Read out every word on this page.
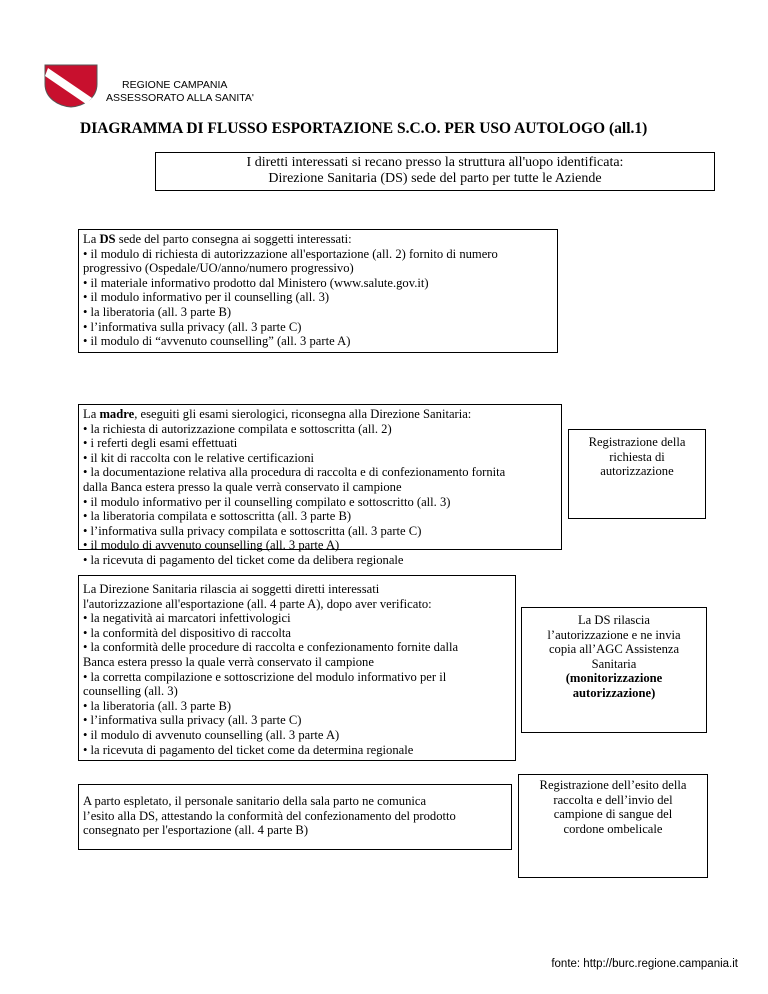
REGIONE CAMPANIA
ASSESSORATO ALLA SANITA'
DIAGRAMMA DI FLUSSO ESPORTAZIONE S.C.O. PER USO AUTOLOGO (all.1)
I diretti interessati si recano presso la struttura all'uopo identificata:
Direzione Sanitaria (DS) sede del parto per tutte le Aziende
La DS sede del parto consegna ai soggetti interessati:
• il modulo di richiesta di autorizzazione all'esportazione (all. 2) fornito di numero
progressivo (Ospedale/UO/anno/numero progressivo)
• il materiale informativo prodotto dal Ministero (www.salute.gov.it)
• il modulo informativo per il counselling (all. 3)
• la liberatoria (all. 3 parte B)
• l’informativa sulla privacy (all. 3 parte C)
• il modulo di “avvenuto counselling” (all. 3 parte A)
La madre, eseguiti gli esami sierologici, riconsegna alla Direzione Sanitaria:
• la richiesta di autorizzazione compilata e sottoscritta (all. 2)
• i referti degli esami effettuati
• il kit di raccolta con le relative certificazioni
• la documentazione relativa alla procedura di raccolta e di confezionamento fornita
dalla Banca estera presso la quale verrà conservato il campione
• il modulo informativo per il counselling compilato e sottoscritto (all. 3)
• la liberatoria compilata e sottoscritta (all. 3 parte B)
• l’informativa sulla privacy compilata e sottoscritta (all. 3 parte C)
• il modulo di avvenuto counselling (all. 3 parte A)
• la ricevuta di pagamento del ticket come da delibera regionale
Registrazione della
richiesta di
autorizzazione
La Direzione Sanitaria rilascia ai soggetti diretti interessati
l'autorizzazione all'esportazione (all. 4 parte A), dopo aver verificato:
• la negatività ai marcatori infettivologici
• la conformità del dispositivo di raccolta
• la conformità delle procedure di raccolta e confezionamento fornite dalla
Banca estera presso la quale verrà conservato il campione
• la corretta compilazione e sottoscrizione del modulo informativo per il
counselling (all. 3)
• la liberatoria (all. 3 parte B)
• l’informativa sulla privacy (all. 3 parte C)
• il modulo di avvenuto counselling (all. 3 parte A)
• la ricevuta di pagamento del ticket come da determina regionale
La DS rilascia
l’autorizzazione e ne invia
copia all’AGC Assistenza
Sanitaria
(monitorizzazione
autorizzazione)
A parto espletato, il personale sanitario della sala parto ne comunica
l’esito alla DS, attestando la conformità del confezionamento del prodotto
consegnato per l'esportazione (all. 4 parte B)
Registrazione dell’esito della
raccolta e dell’invio del
campione di sangue del
cordone ombelicale
fonte: http://burc.regione.campania.it
